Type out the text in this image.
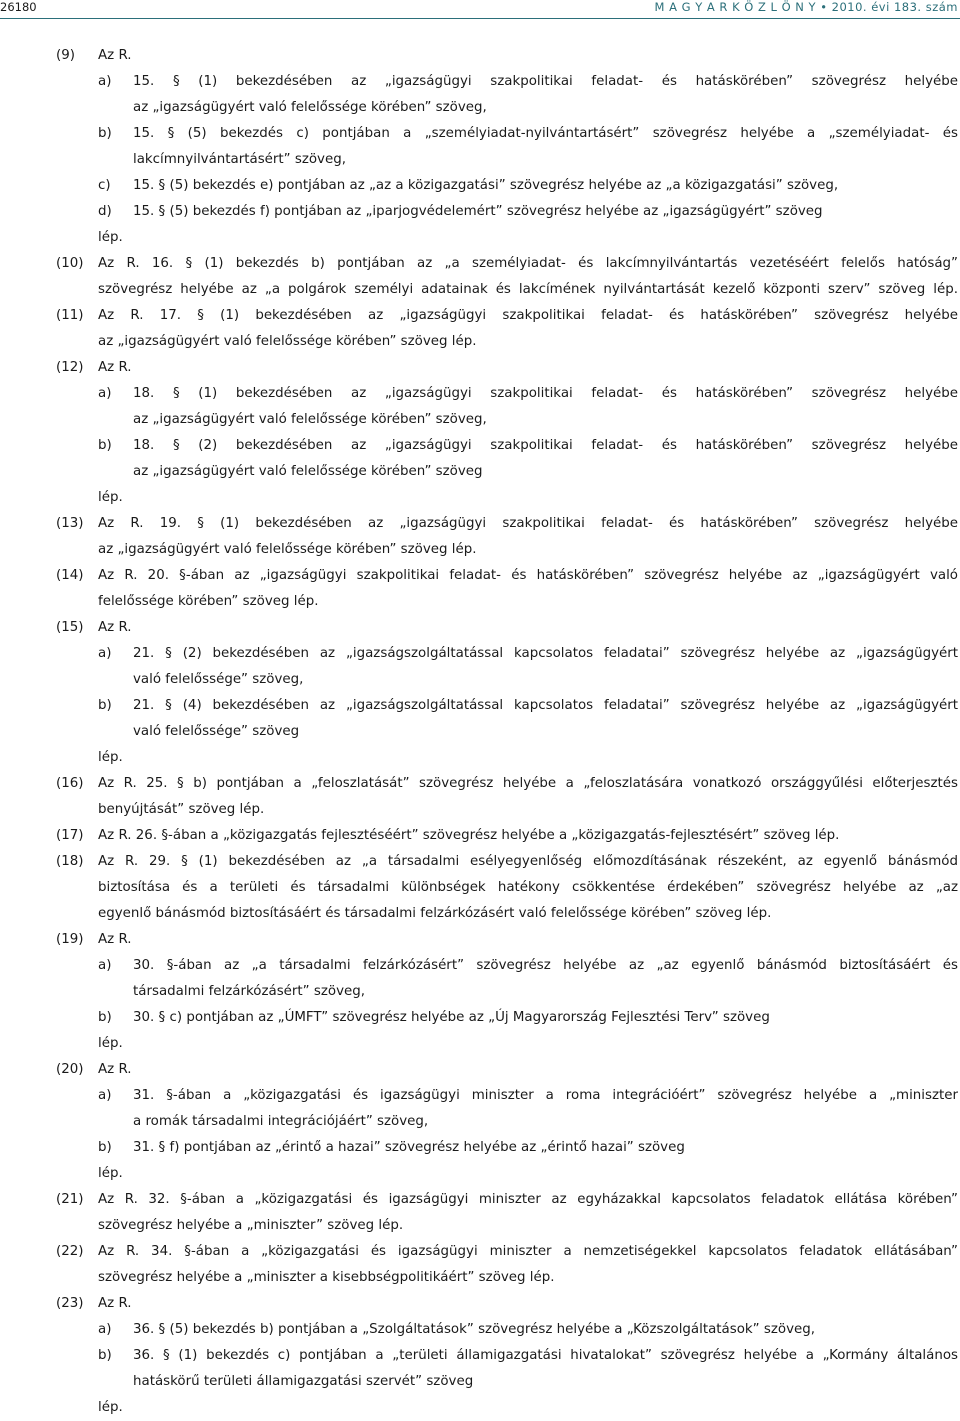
26180	M A G Y A R K Ö Z L Ö N Y • 2010. évi 183. szám
(9) Az R.
a) 15. § (1) bekezdésében az „igazságügyi szakpolitikai feladat- és hatáskörében” szövegrész helyébe
az „igazságügyért való felelőssége körében” szöveg,
b) 15. § (5) bekezdés c) pontjában a „személyiadat-nyilvántartásért” szövegrész helyébe a „személyiadat- és
lakcímnyilvántartásért” szöveg,
c) 15. § (5) bekezdés e) pontjában az „az a közigazgatási” szövegrész helyébe az „a közigazgatási” szöveg,
d) 15. § (5) bekezdés f) pontjában az „iparjogvédelemért” szövegrész helyébe az „igazságügyért” szöveg
lép.
(10) Az R. 16. § (1) bekezdés b) pontjában az „a személyiadat- és lakcímnyilvántartás vezetéséért felelős hatóság”
szövegrész helyébe az „a polgárok személyi adatainak és lakcímének nyilvántartását kezelő központi szerv” szöveg lép.
(11) Az R. 17. § (1) bekezdésében az „igazságügyi szakpolitikai feladat- és hatáskörében” szövegrész helyébe
az „igazságügyért való felelőssége körében” szöveg lép.
(12) Az R.
a) 18. § (1) bekezdésében az „igazságügyi szakpolitikai feladat- és hatáskörében” szövegrész helyébe
az „igazságügyért való felelőssége körében” szöveg,
b) 18. § (2) bekezdésében az „igazságügyi szakpolitikai feladat- és hatáskörében” szövegrész helyébe
az „igazságügyért való felelőssége körében” szöveg
lép.
(13) Az R. 19. § (1) bekezdésében az „igazságügyi szakpolitikai feladat- és hatáskörében” szövegrész helyébe
az „igazságügyért való felelőssége körében” szöveg lép.
(14) Az R. 20. §-ában az „igazságügyi szakpolitikai feladat- és hatáskörében” szövegrész helyébe az „igazságügyért való
felelőssége körében” szöveg lép.
(15) Az R.
a) 21. § (2) bekezdésében az „igazságszolgáltatással kapcsolatos feladatai” szövegrész helyébe az „igazságügyért
való felelőssége” szöveg,
b) 21. § (4) bekezdésében az „igazságszolgáltatással kapcsolatos feladatai” szövegrész helyébe az „igazságügyért
való felelőssége” szöveg
lép.
(16) Az R. 25. § b) pontjában a „feloszlatását” szövegrész helyébe a „feloszlatására vonatkozó országgyűlési előterjesztés
benyújtását” szöveg lép.
(17) Az R. 26. §-ában a „közigazgatás fejlesztéséért” szövegrész helyébe a „közigazgatás-fejlesztésért” szöveg lép.
(18) Az R. 29. § (1) bekezdésében az „a társadalmi esélyegyenlőség előmozdításának részeként, az egyenlő bánásmód
biztosítása és a területi és társadalmi különbségek hatékony csökkentése érdekében” szövegrész helyébe az „az
egyenlő bánásmód biztosításáért és társadalmi felzárkózásért való felelőssége körében” szöveg lép.
(19) Az R.
a) 30. §-ában az „a társadalmi felzárkózásért” szövegrész helyébe az „az egyenlő bánásmód biztosításáért és
társadalmi felzárkózásért” szöveg,
b) 30. § c) pontjában az „ÚMFT” szövegrész helyébe az „Új Magyarország Fejlesztési Terv” szöveg
lép.
(20) Az R.
a) 31. §-ában a „közigazgatási és igazságügyi miniszter a roma integrációért” szövegrész helyébe a „miniszter
a romák társadalmi integrációjáért” szöveg,
b) 31. § f) pontjában az „érintő a hazai” szövegrész helyébe az „érintő hazai” szöveg
lép.
(21) Az R. 32. §-ában a „közigazgatási és igazságügyi miniszter az egyházakkal kapcsolatos feladatok ellátása körében”
szövegrész helyébe a „miniszter” szöveg lép.
(22) Az R. 34. §-ában a „közigazgatási és igazságügyi miniszter a nemzetiségekkel kapcsolatos feladatok ellátásában”
szövegrész helyébe a „miniszter a kisebbségpolitikáért” szöveg lép.
(23) Az R.
a) 36. § (5) bekezdés b) pontjában a „Szolgáltatások” szövegrész helyébe a „Közszolgáltatások” szöveg,
b) 36. § (1) bekezdés c) pontjában a „területi államigazgatási hivatalokat” szövegrész helyébe a „Kormány általános
hatáskörű területi államigazgatási szervét” szöveg
lép.
